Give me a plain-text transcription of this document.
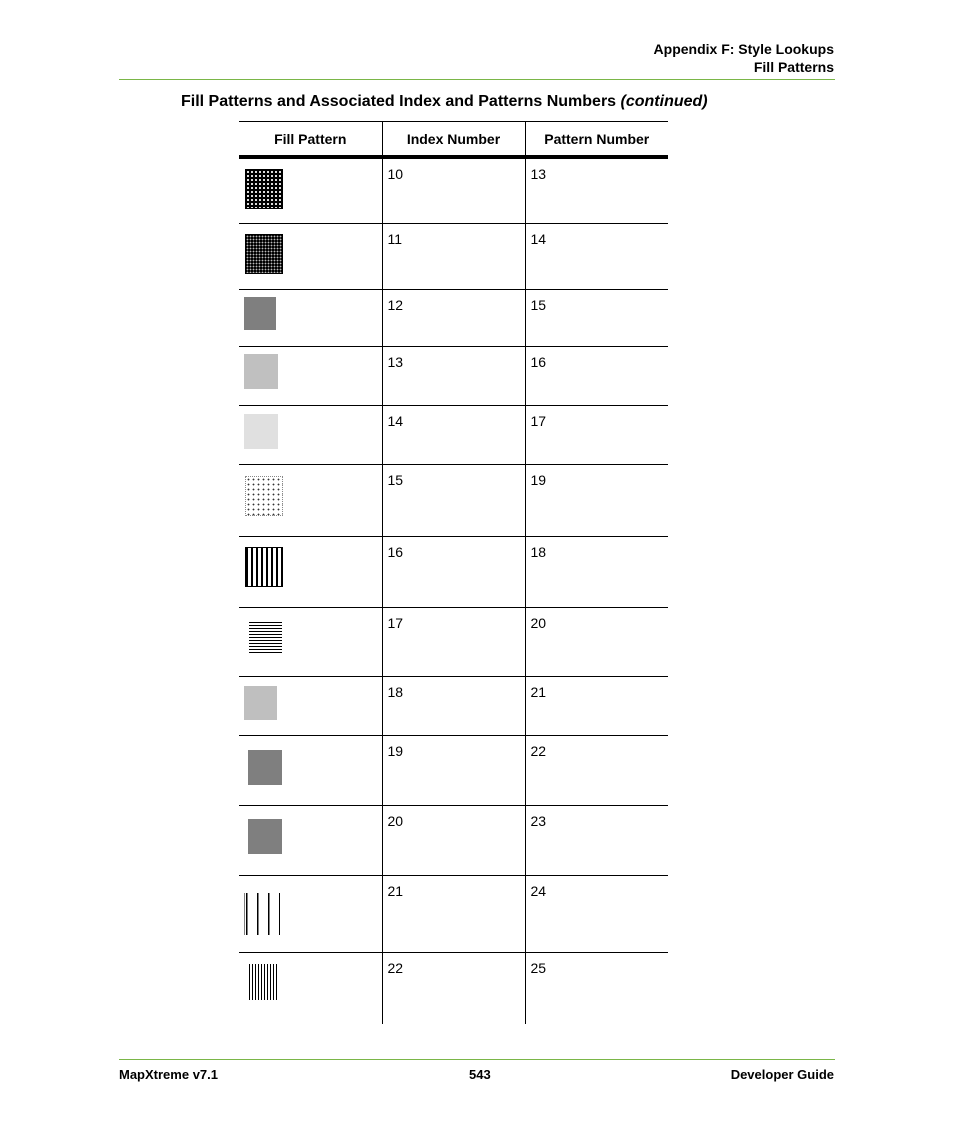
Appendix F: Style Lookups
Fill Patterns
Fill Patterns and Associated Index and Patterns Numbers (continued)
Fill Pattern	Index Number	Pattern Number

	10	13

	11	14

	12	15

	13	16

	14	17

	15	19

	16	18

	17	20

	18	21

	19	22

	20	23

	21	24

	22	25
MapXtreme v7.1	543	Developer Guide
